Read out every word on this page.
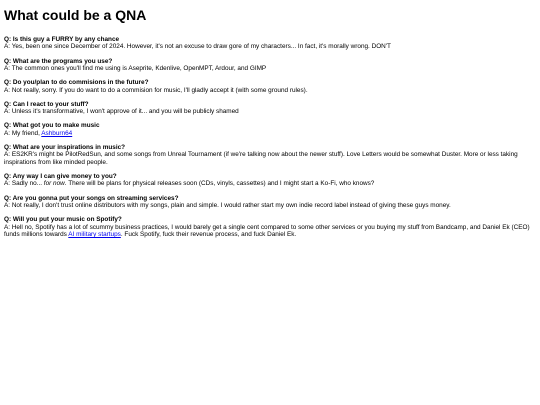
What could be a QNA

Q: Is this guy a FURRY by any chance

A: Yes, been one since December of 2024. However, it's not an excuse to draw gore of my characters... In fact, it's morally wrong. DON'T

Q: What are the programs you use?

A: The common ones you'll find me using is Aseprite, Kdenlive, OpenMPT, Ardour, and GIMP

Q: Do you/plan to do commisions in the future?

A: Not really, sorry. If you do want to do a commision for music, I'll gladly accept it (with some ground rules).

Q: Can I react to your stuff?

A: Unless it's transformative, I won't approve of it... and you will be publicly shamed

Q: What got you to make music

A: My friend, Ashburn64

Q: What are your inspirations in music?

A: ES2KR's might be PilotRedSun, and some songs from Unreal Tournament (if we're talking now about the newer stuff). Love Letters would be somewhat Duster. More or less taking inspirations from like minded people.

Q: Any way I can give money to you?

A: Sadly no... for now. There will be plans for physical releases soon (CDs, vinyls, cassettes) and I might start a Ko-Fi, who knows?

Q: Are you gonna put your songs on streaming services?

A: Not really, I don't trust online distributors with my songs, plain and simple. I would rather start my own indie record label instead of giving these guys money.

Q: Will you put your music on Spotify?

A: Hell no, Spotify has a lot of scummy business practices, I would barely get a single cent compared to some other services or you buying my stuff from Bandcamp, and Daniel Ek (CEO) funds millions towards AI military startups. Fuck Spotify, fuck their revenue process, and fuck Daniel Ek.
